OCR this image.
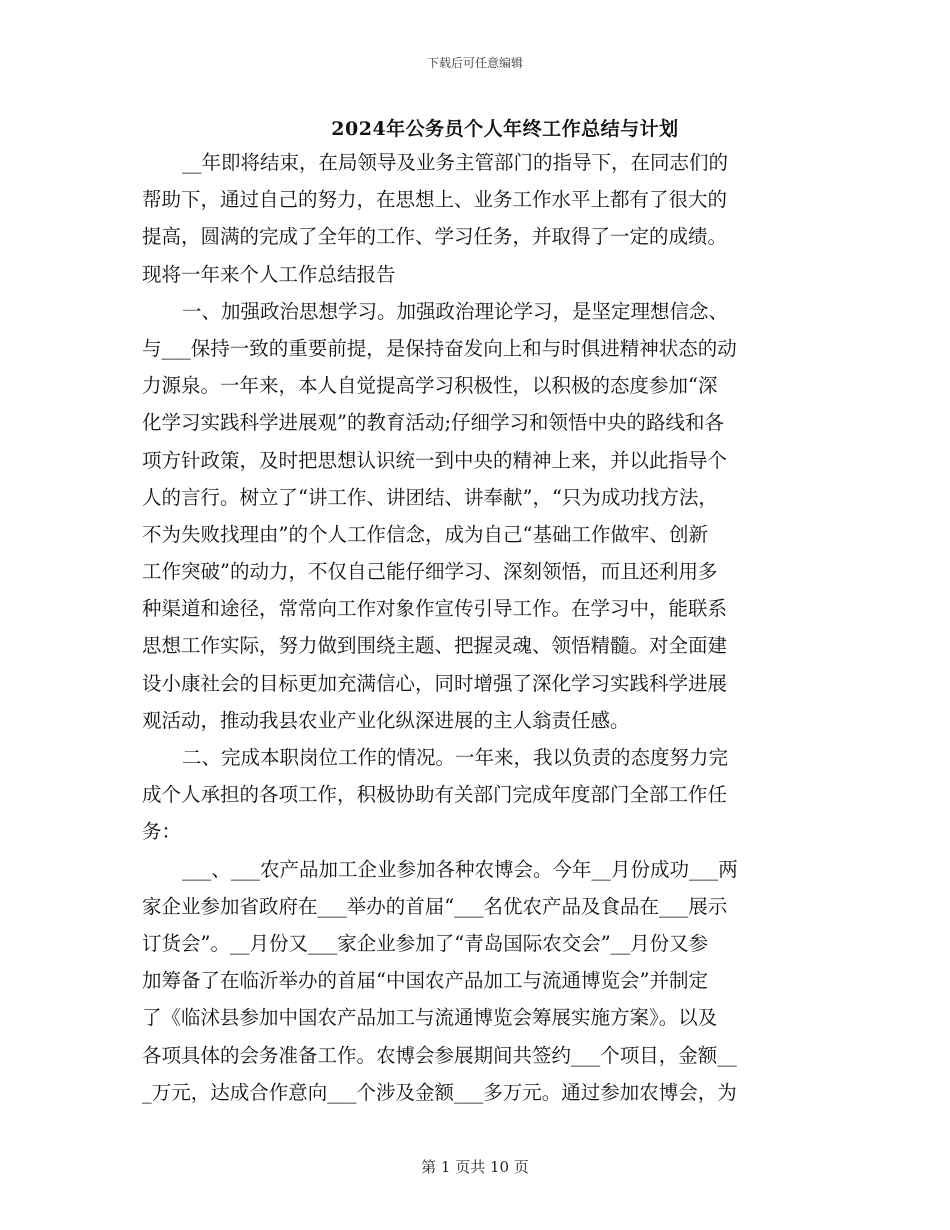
下载后可任意编辑
2024年公务员个人年终工作总结与计划
__年即将结束，在局领导及业务主管部门的指导下，在同志们的
帮助下，通过自己的努力，在思想上、业务工作水平上都有了很大的
提高，圆满的完成了全年的工作、学习任务，并取得了一定的成绩。
现将一年来个人工作总结报告
一、加强政治思想学习。加强政治理论学习，是坚定理想信念、
与___保持一致的重要前提，是保持奋发向上和与时俱进精神状态的动
力源泉。一年来，本人自觉提高学习积极性，以积极的态度参加“深
化学习实践科学进展观”的教育活动;仔细学习和领悟中央的路线和各
项方针政策，及时把思想认识统一到中央的精神上来，并以此指导个
人的言行。树立了“讲工作、讲团结、讲奉献”，“只为成功找方法，
不为失败找理由”的个人工作信念，成为自己“基础工作做牢、创新
工作突破”的动力，不仅自己能仔细学习、深刻领悟，而且还利用多
种渠道和途径，常常向工作对象作宣传引导工作。在学习中，能联系
思想工作实际，努力做到围绕主题、把握灵魂、领悟精髓。对全面建
设小康社会的目标更加充满信心，同时增强了深化学习实践科学进展
观活动，推动我县农业产业化纵深进展的主人翁责任感。
二、完成本职岗位工作的情况。一年来，我以负责的态度努力完
成个人承担的各项工作，积极协助有关部门完成年度部门全部工作任
务：
___、___农产品加工企业参加各种农博会。今年__月份成功___两
家企业参加省政府在___举办的首届“___名优农产品及食品在___展示
订货会”。__月份又___家企业参加了“青岛国际农交会”__月份又参
加筹备了在临沂举办的首届“中国农产品加工与流通博览会”并制定
了《临沭县参加中国农产品加工与流通博览会筹展实施方案》。以及
各项具体的会务准备工作。农博会参展期间共签约___个项目，金额__
_万元，达成合作意向___个涉及金额___多万元。通过参加农博会，为
第 1 页共 10 页
